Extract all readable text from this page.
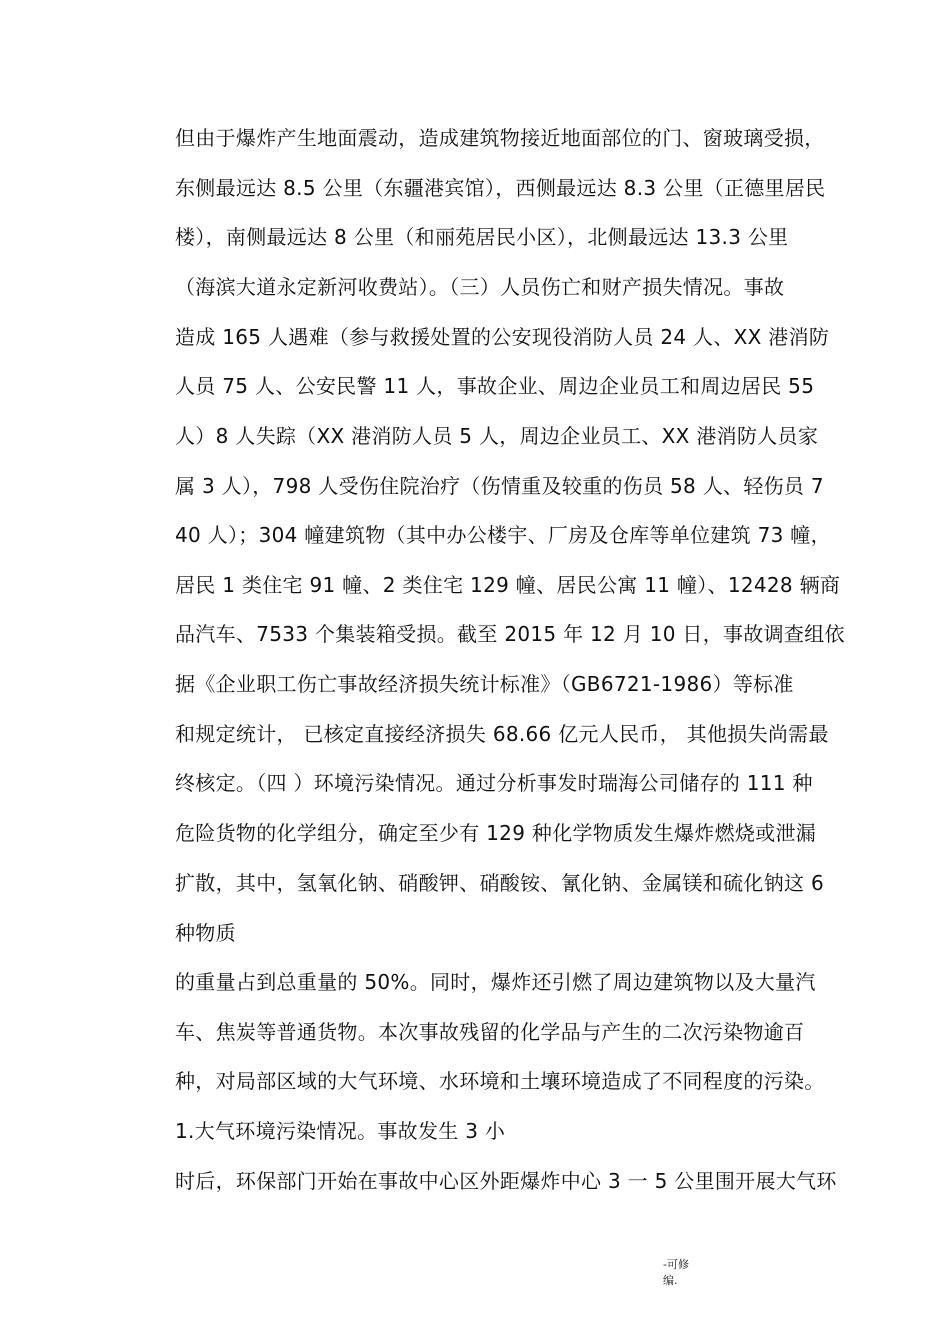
但由于爆炸产生地面震动，造成建筑物接近地面部位的门、窗玻璃受损，
东侧最远达 8.5 公里（东疆港宾馆），西侧最远达 8.3 公里（正德里居民
楼），南侧最远达 8 公里（和丽苑居民小区），北侧最远达 13.3 公里
（海滨大道永定新河收费站）。（三）人员伤亡和财产损失情况。事故
造成 165 人遇难（参与救援处置的公安现役消防人员 24 人、XX 港消防
人员 75 人、公安民警 11 人，事故企业、周边企业员工和周边居民 55
人）8 人失踪（XX 港消防人员 5 人，周边企业员工、XX 港消防人员家
属 3 人），798 人受伤住院治疗（伤情重及较重的伤员 58 人、轻伤员 7
40 人）；304 幢建筑物（其中办公楼宇、厂房及仓库等单位建筑 73 幢，
居民 1 类住宅 91 幢、2 类住宅 129 幢、居民公寓 11 幢）、12428 辆商
品汽车、7533 个集装箱受损。截至 2015 年 12 月 10 日，事故调查组依
据《企业职工伤亡事故经济损失统计标准》（GB6721-1986）等标准
和规定统计， 已核定直接经济损失 68.66 亿元人民币， 其他损失尚需最
终核定。（四 ）环境污染情况。通过分析事发时瑞海公司储存的 111 种
危险货物的化学组分，确定至少有 129 种化学物质发生爆炸燃烧或泄漏
扩散，其中，氢氧化钠、硝酸钾、硝酸铵、氰化钠、金属镁和硫化钠这 6
种物质
的重量占到总重量的 50%。同时，爆炸还引燃了周边建筑物以及大量汽
车、焦炭等普通货物。本次事故残留的化学品与产生的二次污染物逾百
种，对局部区域的大气环境、水环境和土壤环境造成了不同程度的污染。
1.大气环境污染情况。事故发生 3 小
时后，环保部门开始在事故中心区外距爆炸中心 3 一 5 公里围开展大气环
-可修
编.
